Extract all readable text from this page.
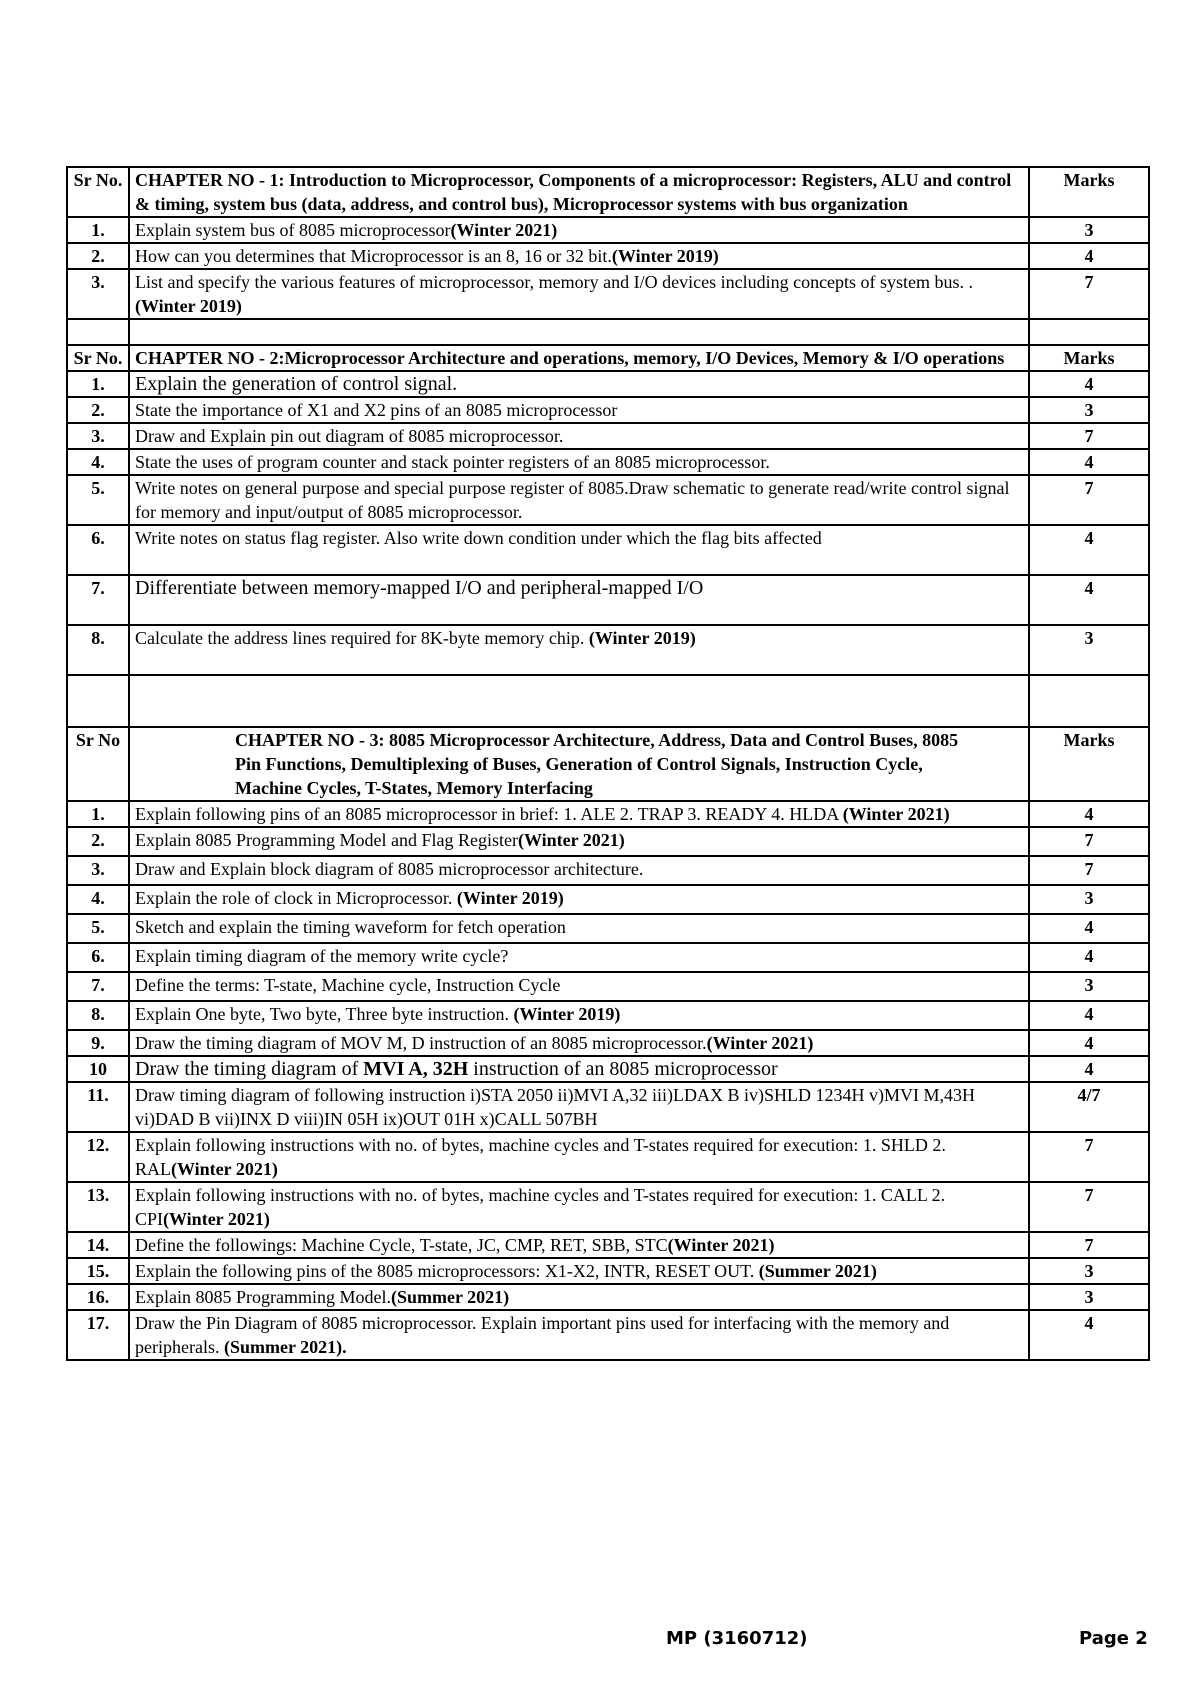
Sr No.	CHAPTER NO - 1: Introduction to Microprocessor, Components of a microprocessor: Registers, ALU and control & timing, system bus (data, address, and control bus), Microprocessor systems with bus organization	Marks
1.	Explain system bus of 8085 microprocessor(Winter 2021)	3
2.	How can you determines that Microprocessor is an 8, 16 or 32 bit.(Winter 2019)	4
3.	List and specify the various features of microprocessor, memory and I/O devices including concepts of system bus. .(Winter 2019)	7

Sr No.	CHAPTER NO - 2:Microprocessor Architecture and operations, memory, I/O Devices, Memory & I/O operations	Marks
1.	Explain the generation of control signal.	4
2.	State the importance of X1 and X2 pins of an 8085 microprocessor	3
3.	Draw and Explain pin out diagram of 8085 microprocessor.	7
4.	State the uses of program counter and stack pointer registers of an 8085 microprocessor.	4
5.	Write notes on general purpose and special purpose register of 8085.Draw schematic to generate read/write control signal for memory and input/output of 8085 microprocessor.	7
6.	Write notes on status flag register. Also write down condition under which the flag bits affected	4
7.	Differentiate between memory-mapped I/O and peripheral-mapped I/O	4
8.	Calculate the address lines required for 8K-byte memory chip. (Winter 2019)	3

Sr No	CHAPTER NO - 3: 8085 Microprocessor Architecture, Address, Data and Control Buses, 8085 Pin Functions, Demultiplexing of Buses, Generation of Control Signals, Instruction Cycle, Machine Cycles, T-States, Memory Interfacing	Marks
1.	Explain following pins of an 8085 microprocessor in brief: 1. ALE 2. TRAP 3. READY 4. HLDA (Winter 2021)	4
2.	Explain 8085 Programming Model and Flag Register(Winter 2021)	7
3.	Draw and Explain block diagram of 8085 microprocessor architecture.	7
4.	Explain the role of clock in Microprocessor. (Winter 2019)	3
5.	Sketch and explain the timing waveform for fetch operation	4
6.	Explain timing diagram of the memory write cycle?	4
7.	Define the terms: T-state, Machine cycle, Instruction Cycle	3
8.	Explain One byte, Two byte, Three byte instruction. (Winter 2019)	4
9.	Draw the timing diagram of MOV M, D instruction of an 8085 microprocessor.(Winter 2021)	4
10	Draw the timing diagram of MVI A, 32H instruction of an 8085 microprocessor	4
11.	Draw timing diagram of following instruction i)STA 2050 ii)MVI A,32 iii)LDAX B iv)SHLD 1234H v)MVI M,43H vi)DAD B vii)INX D viii)IN 05H ix)OUT 01H x)CALL 507BH	4/7
12.	Explain following instructions with no. of bytes, machine cycles and T-states required for execution: 1. SHLD 2. RAL(Winter 2021)	7
13.	Explain following instructions with no. of bytes, machine cycles and T-states required for execution: 1. CALL 2. CPI(Winter 2021)	7
14.	Define the followings: Machine Cycle, T-state, JC, CMP, RET, SBB, STC(Winter 2021)	7
15.	Explain the following pins of the 8085 microprocessors: X1-X2, INTR, RESET OUT. (Summer 2021)	3
16.	Explain 8085 Programming Model.(Summer 2021)	3
17.	Draw the Pin Diagram of 8085 microprocessor. Explain important pins used for interfacing with the memory and peripherals. (Summer 2021).	4
MP (3160712)	Page 2
